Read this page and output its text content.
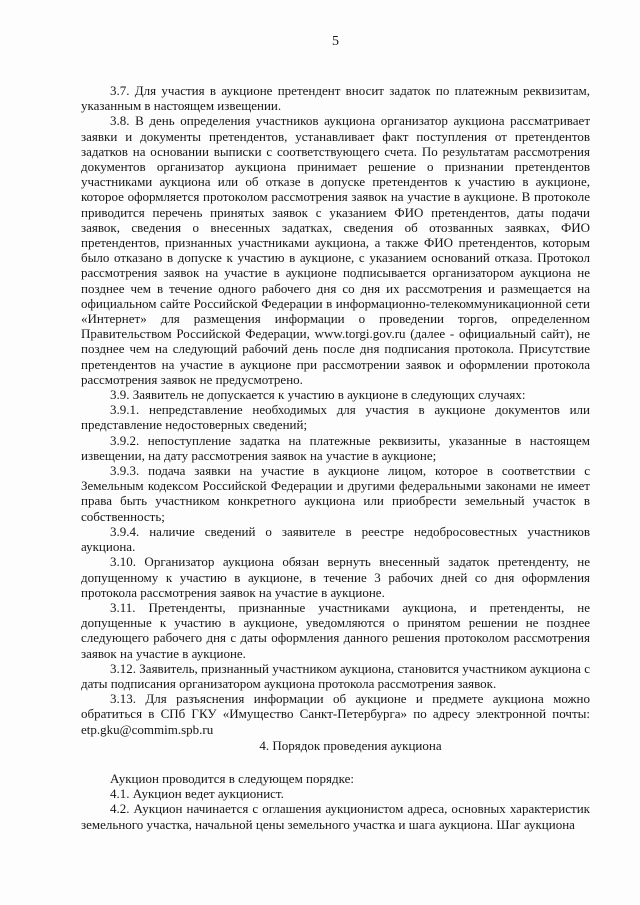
5

3.7. Для участия в аукционе претендент вносит задаток по платежным реквизитам, указанным в настоящем извещении.

3.8. В день определения участников аукциона организатор аукциона рассматривает заявки и документы претендентов, устанавливает факт поступления от претендентов задатков на основании выписки с соответствующего счета. По результатам рассмотрения документов организатор аукциона принимает решение о признании претендентов участниками аукциона или об отказе в допуске претендентов к участию в аукционе, которое оформляется протоколом рассмотрения заявок на участие в аукционе. В протоколе приводится перечень принятых заявок с указанием ФИО претендентов, даты подачи заявок, сведения о внесенных задатках, сведения об отозванных заявках, ФИО претендентов, признанных участниками аукциона, а также ФИО претендентов, которым было отказано в допуске к участию в аукционе, с указанием оснований отказа. Протокол рассмотрения заявок на участие в аукционе подписывается организатором аукциона не позднее чем в течение одного рабочего дня со дня их рассмотрения и размещается на официальном сайте Российской Федерации в информационно-телекоммуникационной сети «Интернет» для размещения информации о проведении торгов, определенном Правительством Российской Федерации, www.torgi.gov.ru (далее - официальный сайт), не позднее чем на следующий рабочий день после дня подписания протокола. Присутствие претендентов на участие в аукционе при рассмотрении заявок и оформлении протокола рассмотрения заявок не предусмотрено.

3.9. Заявитель не допускается к участию в аукционе в следующих случаях:

3.9.1. непредставление необходимых для участия в аукционе документов или представление недостоверных сведений;

3.9.2. непоступление задатка на платежные реквизиты, указанные в настоящем извещении, на дату рассмотрения заявок на участие в аукционе;

3.9.3. подача заявки на участие в аукционе лицом, которое в соответствии с Земельным кодексом Российской Федерации и другими федеральными законами не имеет права быть участником конкретного аукциона или приобрести земельный участок в собственность;

3.9.4. наличие сведений о заявителе в реестре недобросовестных участников аукциона.

3.10. Организатор аукциона обязан вернуть внесенный задаток претенденту, не допущенному к участию в аукционе, в течение 3 рабочих дней со дня оформления протокола рассмотрения заявок на участие в аукционе.

3.11. Претенденты, признанные участниками аукциона, и претенденты, не допущенные к участию в аукционе, уведомляются о принятом решении не позднее следующего рабочего дня с даты оформления данного решения протоколом рассмотрения заявок на участие в аукционе.

3.12. Заявитель, признанный участником аукциона, становится участником аукциона с даты подписания организатором аукциона протокола рассмотрения заявок.

3.13. Для разъяснения информации об аукционе и предмете аукциона можно обратиться в СПб ГКУ «Имущество Санкт-Петербурга» по адресу электронной почты: etp.gku@commim.spb.ru

4. Порядок проведения аукциона

Аукцион проводится в следующем порядке:

4.1. Аукцион ведет аукционист.

4.2. Аукцион начинается с оглашения аукционистом адреса, основных характеристик земельного участка, начальной цены земельного участка и шага аукциона. Шаг аукциона
